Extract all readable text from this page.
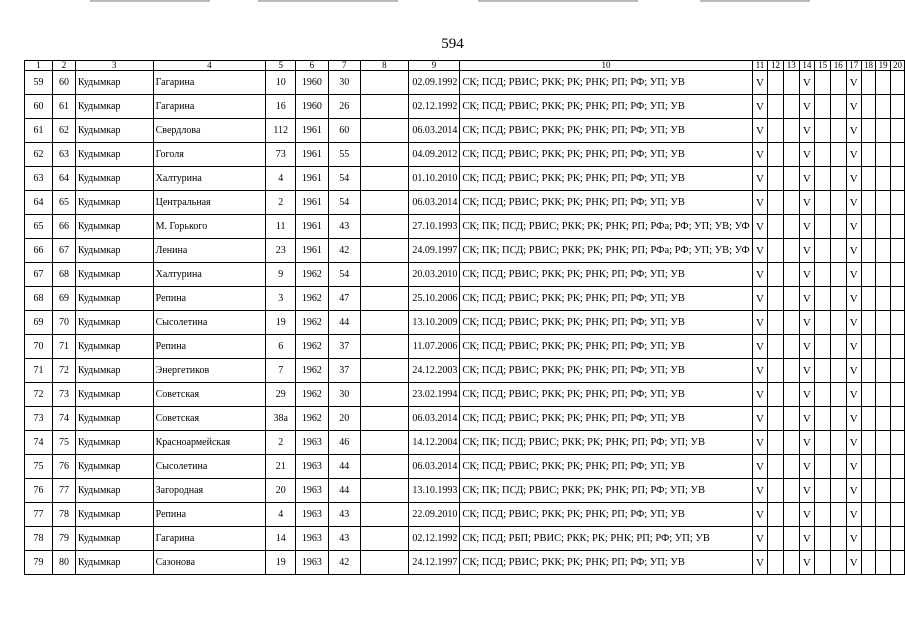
594
1	2	3	4	5	6	7	8	9	10	11	12	13	14	15	16	17	18	19	20
59	60	Кудымкар	Гагарина	10	1960	30		02.09.1992	СК; ПСД; РВИС; РКК; РК; РНК; РП; РФ; УП; УВ	V			V			V			
60	61	Кудымкар	Гагарина	16	1960	26		02.12.1992	СК; ПСД; РВИС; РКК; РК; РНК; РП; РФ; УП; УВ	V			V			V			
61	62	Кудымкар	Свердлова	112	1961	60		06.03.2014	СК; ПСД; РВИС; РКК; РК; РНК; РП; РФ; УП; УВ	V			V			V			
62	63	Кудымкар	Гоголя	73	1961	55		04.09.2012	СК; ПСД; РВИС; РКК; РК; РНК; РП; РФ; УП; УВ	V			V			V			
63	64	Кудымкар	Халтурина	4	1961	54		01.10.2010	СК; ПСД; РВИС; РКК; РК; РНК; РП; РФ; УП; УВ	V			V			V			
64	65	Кудымкар	Центральная	2	1961	54		06.03.2014	СК; ПСД; РВИС; РКК; РК; РНК; РП; РФ; УП; УВ	V			V			V			
65	66	Кудымкар	М. Горького	11	1961	43		27.10.1993	СК; ПК; ПСД; РВИС; РКК; РК; РНК; РП; РФа; РФ; УП; УВ; УФ	V			V			V			
66	67	Кудымкар	Ленина	23	1961	42		24.09.1997	СК; ПК; ПСД; РВИС; РКК; РК; РНК; РП; РФа; РФ; УП; УВ; УФ	V			V			V			
67	68	Кудымкар	Халтурина	9	1962	54		20.03.2010	СК; ПСД; РВИС; РКК; РК; РНК; РП; РФ; УП; УВ	V			V			V			
68	69	Кудымкар	Репина	3	1962	47		25.10.2006	СК; ПСД; РВИС; РКК; РК; РНК; РП; РФ; УП; УВ	V			V			V			
69	70	Кудымкар	Сысолетина	19	1962	44		13.10.2009	СК; ПСД; РВИС; РКК; РК; РНК; РП; РФ; УП; УВ	V			V			V			
70	71	Кудымкар	Репина	6	1962	37		11.07.2006	СК; ПСД; РВИС; РКК; РК; РНК; РП; РФ; УП; УВ	V			V			V			
71	72	Кудымкар	Энергетиков	7	1962	37		24.12.2003	СК; ПСД; РВИС; РКК; РК; РНК; РП; РФ; УП; УВ	V			V			V			
72	73	Кудымкар	Советская	29	1962	30		23.02.1994	СК; ПСД; РВИС; РКК; РК; РНК; РП; РФ; УП; УВ	V			V			V			
73	74	Кудымкар	Советская	38а	1962	20		06.03.2014	СК; ПСД; РВИС; РКК; РК; РНК; РП; РФ; УП; УВ	V			V			V			
74	75	Кудымкар	Красноармейская	2	1963	46		14.12.2004	СК; ПК; ПСД; РВИС; РКК; РК; РНК; РП; РФ; УП; УВ	V			V			V			
75	76	Кудымкар	Сысолетина	21	1963	44		06.03.2014	СК; ПСД; РВИС; РКК; РК; РНК; РП; РФ; УП; УВ	V			V			V			
76	77	Кудымкар	Загородная	20	1963	44		13.10.1993	СК; ПК; ПСД; РВИС; РКК; РК; РНК; РП; РФ; УП; УВ	V			V			V			
77	78	Кудымкар	Репина	4	1963	43		22.09.2010	СК; ПСД; РВИС; РКК; РК; РНК; РП; РФ; УП; УВ	V			V			V			
78	79	Кудымкар	Гагарина	14	1963	43		02.12.1992	СК; ПСД; РБП; РВИС; РКК; РК; РНК; РП; РФ; УП; УВ	V			V			V			
79	80	Кудымкар	Сазонова	19	1963	42		24.12.1997	СК; ПСД; РВИС; РКК; РК; РНК; РП; РФ; УП; УВ	V			V			V			
